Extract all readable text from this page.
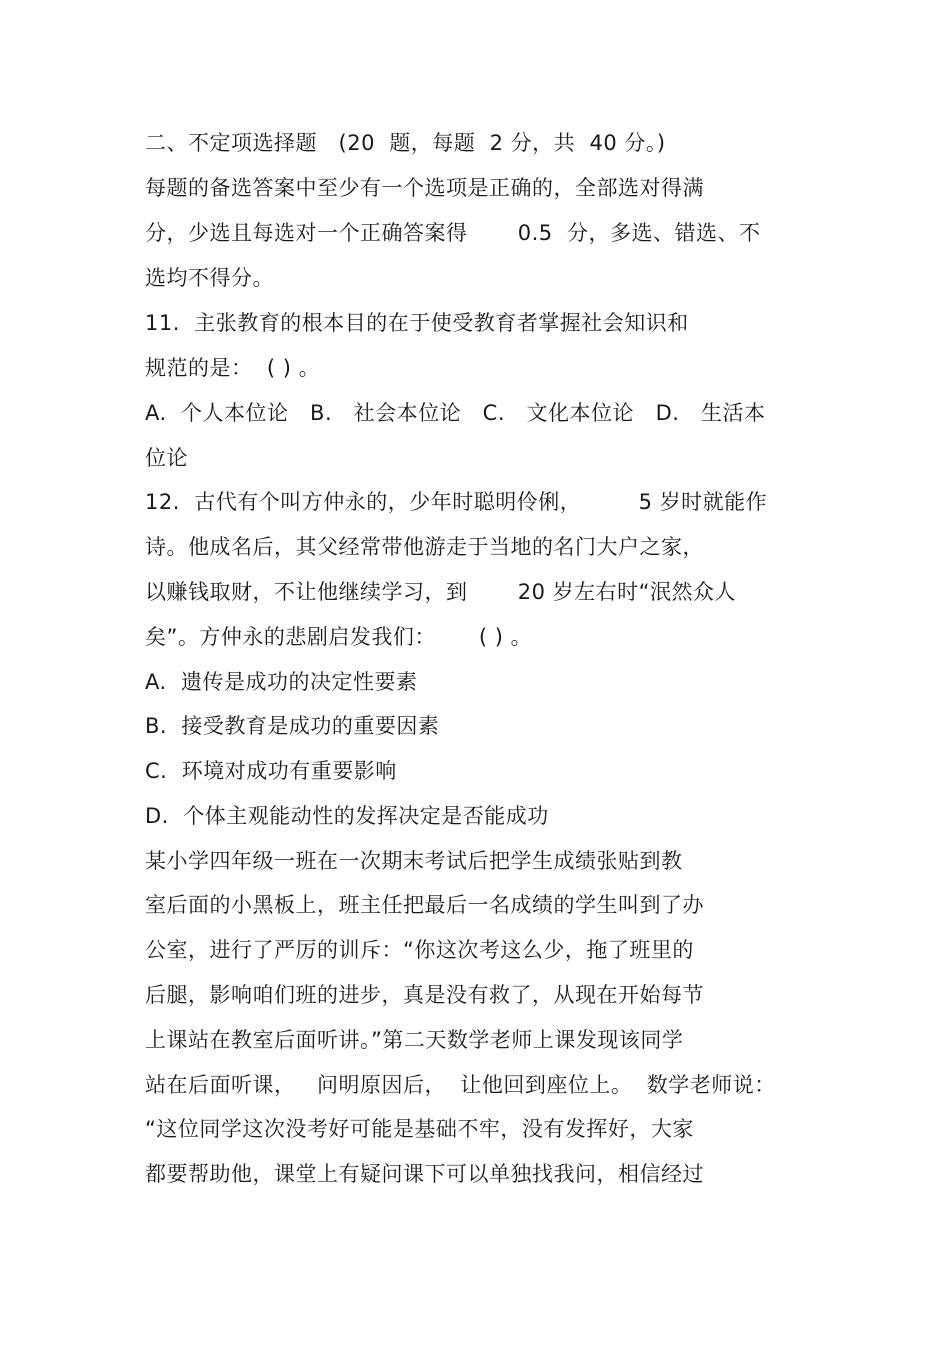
二、不定项选择题   (20  题，每题  2 分，共  40 分。)
每题的备选答案中至少有一个选项是正确的，全部选对得满
分，少选且每选对一个正确答案得       0.5  分，多选、错选、不
选均不得分。
11.  主张教育的根本目的在于使受教育者掌握社会知识和
规范的是：  ( ) 。
A.  个人本位论   B.   社会本位论   C.   文化本位论   D.   生活本
位论
12.  古代有个叫方仲永的，少年时聪明伶俐，        5 岁时就能作
诗。他成名后，其父经常带他游走于当地的名门大户之家，
以赚钱取财，不让他继续学习，到       20 岁左右时“泯然众人
矣”。方仲永的悲剧启发我们：      ( ) 。
A.  遗传是成功的决定性要素
B.  接受教育是成功的重要因素
C.  环境对成功有重要影响
D.  个体主观能动性的发挥决定是否能成功
某小学四年级一班在一次期末考试后把学生成绩张贴到教
室后面的小黑板上，班主任把最后一名成绩的学生叫到了办
公室，进行了严厉的训斥：“你这次考这么少，拖了班里的
后腿，影响咱们班的进步，真是没有救了，从现在开始每节
上课站在教室后面听讲。”第二天数学老师上课发现该同学
站在后面听课，   问明原因后，  让他回到座位上。  数学老师说：
“这位同学这次没考好可能是基础不牢，没有发挥好，大家
都要帮助他，课堂上有疑问课下可以单独找我问，相信经过
